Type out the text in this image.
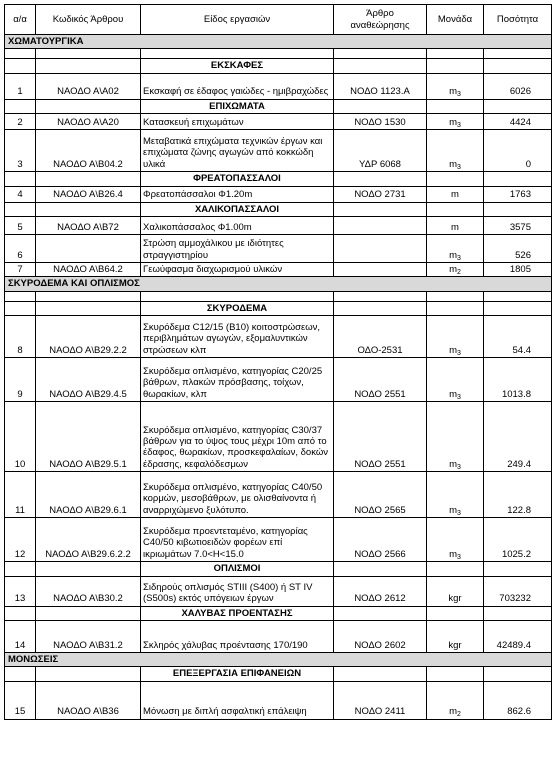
α/α	Κωδικός Άρθρου	Είδος εργασιών	Άρθρο αναθεώρησης	Μονάδα	Ποσότητα
ΧΩΜΑΤΟΥΡΓΙΚΑ					

		ΕΚΣΚΑΦΕΣ			
1	ΝΑΟΔΟ Α\Α02	Εκσκαφή σε έδαφος γαιώδες - ημιβραχώδες	ΝΟΔΟ 1123.Α	$m_3$	6026
		ΕΠΙΧΩΜΑΤΑ			
2	ΝΑΟΔΟ Α\Α20	Κατασκευή επιχωμάτων	ΝΟΔΟ 1530	$m_3$	4424
3	ΝΑΟΔΟ Α\Β04.2	Μεταβατικά επιχώματα τεχνικών έργων και επιχώματα ζώνης αγωγών από κοκκώδη υλικά	ΥΔΡ 6068	$m_3$	0
		ΦΡΕΑΤΟΠΑΣΣΑΛΟΙ			
4	ΝΑΟΔΟ Α\Β26.4	Φρεατοπάσσαλοι Φ1.20m	ΝΟΔΟ 2731	m	1763
		ΧΑΛΙΚΟΠΑΣΣΑΛΟΙ			
5	ΝΑΟΔΟ Α\Β72	Χαλικοπάσσαλος Φ1.00m		m	3575
6		Στρώση αμμοχάλικου με ιδιότητες στραγγιστηρίου		$m_3$	526
7	ΝΑΟΔΟ Α\Β64.2	Γεωύφασμα διαχωρισμού υλικών		$m_2$	1805
ΣΚΥΡΟΔΕΜΑ ΚΑΙ ΟΠΛΙΣΜΟΣ					

		ΣΚΥΡΟΔΕΜΑ			
8	ΝΑΟΔΟ Α\Β29.2.2	Σκυρόδεμα C12/15 (Β10) κοιτοστρώσεων, περιβλημάτων αγωγών, εξομαλυντικών στρώσεων κλπ	ΟΔΟ-2531	$m_3$	54.4
9	ΝΑΟΔΟ Α\Β29.4.5	Σκυρόδεμα οπλισμένο, κατηγορίας C20/25 βάθρων, πλακών πρόσβασης, τοίχων, θωρακίων, κλπ	ΝΟΔΟ 2551	$m_3$	1013.8
10	ΝΑΟΔΟ Α\Β29.5.1	Σκυρόδεμα οπλισμένο, κατηγορίας C30/37 βάθρων για το ύψος τους μέχρι 10m από το έδαφος, θωρακίων, προσκεφαλαίων, δοκών έδρασης, κεφαλόδεσμων	ΝΟΔΟ 2551	$m_3$	249.4
11	ΝΑΟΔΟ Α\Β29.6.1	Σκυρόδεμα οπλισμένο, κατηγορίας C40/50 κορμών, μεσοβάθρων, με ολισθαίνοντα ή αναρριχώμενο ξυλότυπο.	ΝΟΔΟ 2565	$m_3$	122.8
12	ΝΑΟΔΟ Α\Β29.6.2.2	Σκυρόδεμα προεντεταμένο, κατηγορίας C40/50 κιβωτιοειδών φορέων επί ικριωμάτων 7.0<H<15.0	ΝΟΔΟ 2566	$m_3$	1025.2
		ΟΠΛΙΣΜΟΙ			
13	ΝΑΟΔΟ Α\Β30.2	Σιδηρούς οπλισμός STIII (S400) ή ST IV (S500s) εκτός υπόγειων έργων	ΝΟΔΟ 2612	kgr	703232
		ΧΑΛΥΒΑΣ ΠΡΟΕΝΤΑΣΗΣ			
14	ΝΑΟΔΟ Α\Β31.2	Σκληρός χάλυβας προέντασης 170/190	ΝΟΔΟ 2602	kgr	42489.4
ΜΟΝΩΣΕΙΣ					
		ΕΠΕΞΕΡΓΑΣΙΑ ΕΠΙΦΑΝΕΙΩΝ			
15	ΝΑΟΔΟ Α\Β36	Μόνωση με διπλή ασφαλτική επάλειψη	ΝΟΔΟ 2411	$m_2$	862.6
